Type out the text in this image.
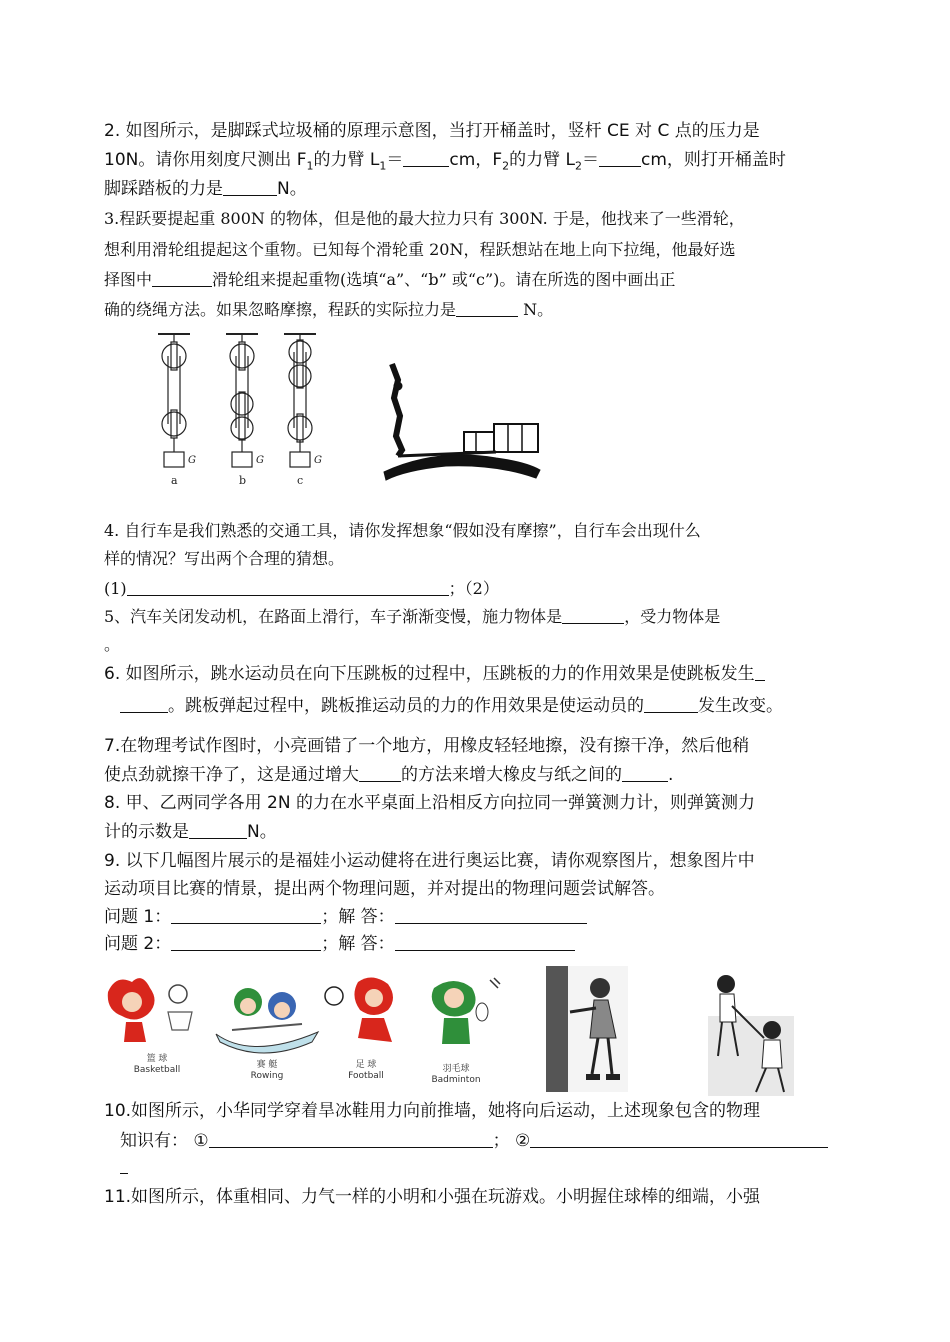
2. 如图所示，是脚踩式垃圾桶的原理示意图，当打开桶盖时，竖杆 CE 对 C 点的压力是
10N。请你用刻度尺测出 $F_1$的力臂 $L_1=$	cm，$F_2$的力臂 $L_2=$ cm，则打开桶盖时
脚踩踏板的力是	N。
3.程跃要提起重 800N 的物体，但是他的最大拉力只有 300N. 于是，他找来了一些滑轮，
想利用滑轮组提起这个重物。已知每个滑轮重 20N，程跃想站在地上向下拉绳，他最好选
择图中	滑轮组来提起重物(选填“a”、“b” 或“c”)。请在所选的图中画出正
确的绕绳方法。如果忽略摩擦，程跃的实际拉力是	N。
G	G	G
a	b	c
4. 自行车是我们熟悉的交通工具，请你发挥想象“假如没有摩擦”，自行车会出现什么
样的情况？写出两个合理的猜想。
(1)	；（2）
5、汽车关闭发动机，在路面上滑行，车子渐渐变慢，施力物体是	，受力物体是
。
6. 如图所示，跳水运动员在向下压跳板的过程中，压跳板的力的作用效果是使跳板发生
。跳板弹起过程中，跳板推运动员的力的作用效果是使运动员的	发生改变。
7.在物理考试作图时，小亮画错了一个地方，用橡皮轻轻地擦，没有擦干净，然后他稍
使点劲就擦干净了，这是通过增大 的方法来增大橡皮与纸之间的	.
8. 甲、乙两同学各用 2N 的力在水平桌面上沿相反方向拉同一弹簧测力计，则弹簧测力
计的示数是	N。
9. 以下几幅图片展示的是福娃小运动健将在进行奥运比赛，请你观察图片，想象图片中
运动项目比赛的情景，提出两个物理问题，并对提出的物理问题尝试解答。
问题 1：	；解 答：
问题 2：	；解 答：
篮 球
Basketball	赛 艇
Rowing
足 球
Football
羽毛球
Badminton
10.如图所示，小华同学穿着旱冰鞋用力向前推墙，她将向后运动，上述现象包含的物理
知识有： ①	； ②
11.如图所示，体重相同、力气一样的小明和小强在玩游戏。小明握住球棒的细端，小强
